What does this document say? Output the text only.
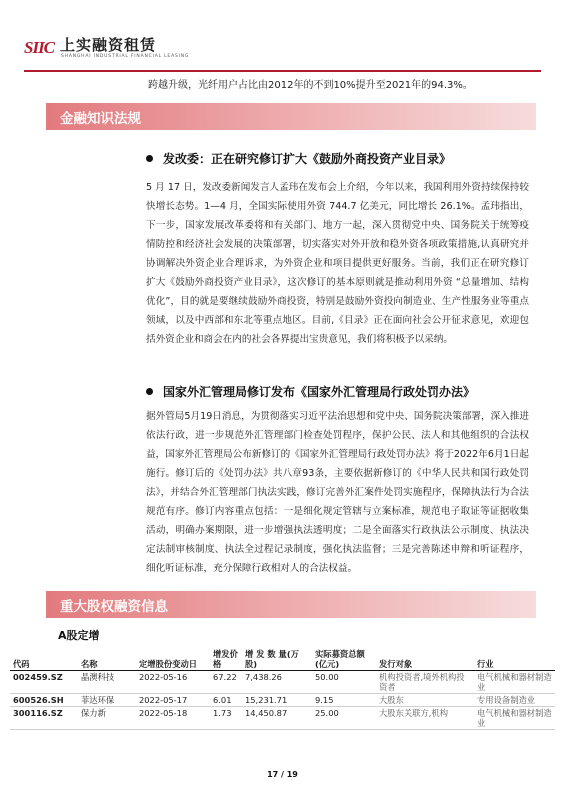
SIIC 上实融资租赁
SHANGHAI INDUSTRIAL FINANCIAL LEASING
跨越升级，光纤用户占比由2012年的不到10%提升至2021年的94.3%。
金融知识法规
发改委：正在研究修订扩大《鼓励外商投资产业目录》
5 月 17 日，发改委新闻发言人孟玮在发布会上介绍，今年以来，我国利用外资持续保持较快增长态势。1—4 月，全国实际使用外资 744.7 亿美元，同比增长 26.1%。孟玮指出，下一步，国家发展改革委将和有关部门、地方一起，深入贯彻党中央、国务院关于统筹疫情防控和经济社会发展的决策部署，切实落实对外开放和稳外资各项政策措施,认真研究并协调解决外资企业合理诉求，为外资企业和项目提供更好服务。当前，我们正在研究修订扩大《鼓励外商投资产业目录》，这次修订的基本原则就是推动利用外资 “总量增加、结构优化”，目的就是要继续鼓励外商投资，特别是鼓励外资投向制造业、生产性服务业等重点领域，以及中西部和东北等重点地区。目前,《目录》正在面向社会公开征求意见，欢迎包括外资企业和商会在内的社会各界提出宝贵意见，我们将积极予以采纳。
国家外汇管理局修订发布《国家外汇管理局行政处罚办法》
据外管局5月19日消息，为贯彻落实习近平法治思想和党中央、国务院决策部署，深入推进依法行政，进一步规范外汇管理部门检查处罚程序，保护公民、法人和其他组织的合法权益，国家外汇管理局公布新修订的《国家外汇管理局行政处罚办法》将于2022年6月1日起施行。修订后的《处罚办法》共八章93条，主要依据新修订的《中华人民共和国行政处罚法》，并结合外汇管理部门执法实践，修订完善外汇案件处罚实施程序，保障执法行为合法规范有序。修订内容重点包括：一是细化规定管辖与立案标准，规范电子取证等证据收集活动，明确办案期限，进一步增强执法透明度；二是全面落实行政执法公示制度、执法决定法制审核制度、执法全过程记录制度，强化执法监督；三是完善陈述申辩和听证程序，细化听证标准，充分保障行政相对人的合法权益。
重大股权融资信息
A股定增
代码	名称	定增股份变动日	增发价格	增 发 数 量(万股)	实际募资总额(亿元)	发行对象	行业
002459.SZ	晶澳科技	2022-05-16	67.22	7,438.26	50.00	机构投资者,境外机构投资者	电气机械和器材制造业
600526.SH	菲达环保	2022-05-17	6.01	15,231.71	9.15	大股东	专用设备制造业
300116.SZ	保力新	2022-05-18	1.73	14,450.87	25.00	大股东关联方,机构	电气机械和器材制造业
17 / 19
